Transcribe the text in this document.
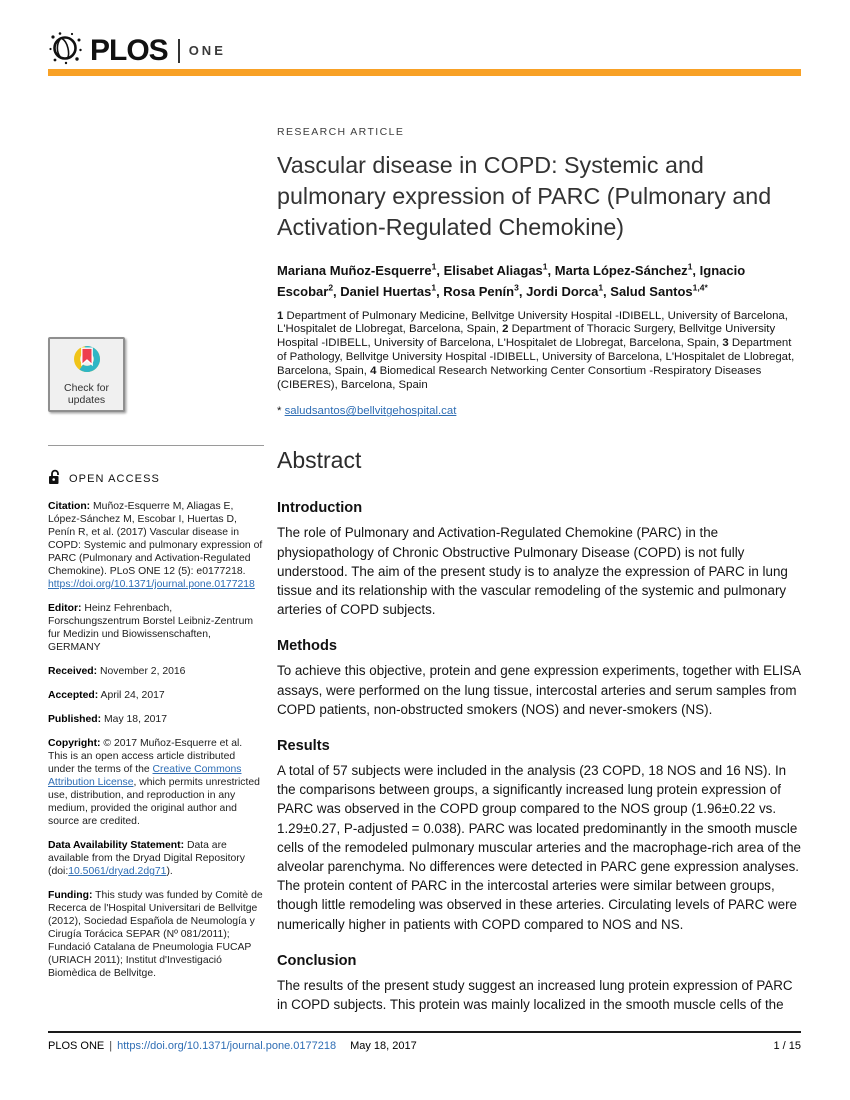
PLOS ONE
Check for updates
OPEN ACCESS

Citation: Muñoz-Esquerre M, Aliagas E, López-Sánchez M, Escobar I, Huertas D, Penín R, et al. (2017) Vascular disease in COPD: Systemic and pulmonary expression of PARC (Pulmonary and Activation-Regulated Chemokine). PLoS ONE 12 (5): e0177218. https://doi.org/10.1371/journal.pone.0177218

Editor: Heinz Fehrenbach, Forschungszentrum Borstel Leibniz-Zentrum fur Medizin und Biowissenschaften, GERMANY

Received: November 2, 2016

Accepted: April 24, 2017

Published: May 18, 2017

Copyright: © 2017 Muñoz-Esquerre et al. This is an open access article distributed under the terms of the Creative Commons Attribution License, which permits unrestricted use, distribution, and reproduction in any medium, provided the original author and source are credited.

Data Availability Statement: Data are available from the Dryad Digital Repository (doi:10.5061/dryad.2dg71).

Funding: This study was funded by Comitè de Recerca de l'Hospital Universitari de Bellvitge (2012), Sociedad Española de Neumología y Cirugía Torácica SEPAR (Nº 081/2011); Fundació Catalana de Pneumologia FUCAP (URIACH 2011); Institut d'Investigació Biomèdica de Bellvitge.

RESEARCH ARTICLE
Vascular disease in COPD: Systemic and pulmonary expression of PARC (Pulmonary and Activation-Regulated Chemokine)

Mariana Muñoz-Esquerre$^1$, Elisabet Aliagas$^1$, Marta López-Sánchez$^1$, Ignacio Escobar$^2$, Daniel Huertas$^1$, Rosa Penín$^3$, Jordi Dorca$^1$, Salud Santos$^{1,4*}$

1 Department of Pulmonary Medicine, Bellvitge University Hospital -IDIBELL, University of Barcelona, L'Hospitalet de Llobregat, Barcelona, Spain, 2 Department of Thoracic Surgery, Bellvitge University Hospital -IDIBELL, University of Barcelona, L'Hospitalet de Llobregat, Barcelona, Spain, 3 Department of Pathology, Bellvitge University Hospital -IDIBELL, University of Barcelona, L'Hospitalet de Llobregat, Barcelona, Spain, 4 Biomedical Research Networking Center Consortium -Respiratory Diseases (CIBERES), Barcelona, Spain

* saludsantos@bellvitgehospital.cat

Abstract
Introduction

The role of Pulmonary and Activation-Regulated Chemokine (PARC) in the physiopathology of Chronic Obstructive Pulmonary Disease (COPD) is not fully understood. The aim of the present study is to analyze the expression of PARC in lung tissue and its relationship with the vascular remodeling of the systemic and pulmonary arteries of COPD subjects.

Methods

To achieve this objective, protein and gene expression experiments, together with ELISA assays, were performed on the lung tissue, intercostal arteries and serum samples from COPD patients, non-obstructed smokers (NOS) and never-smokers (NS).

Results

A total of 57 subjects were included in the analysis (23 COPD, 18 NOS and 16 NS). In the comparisons between groups, a significantly increased lung protein expression of PARC was observed in the COPD group compared to the NOS group (1.96±0.22 vs. 1.29±0.27, P-adjusted = 0.038). PARC was located predominantly in the smooth muscle cells of the remodeled pulmonary muscular arteries and the macrophage-rich area of the alveolar parenchyma. No differences were detected in PARC gene expression analyses. The protein content of PARC in the intercostal arteries were similar between groups, though little remodeling was observed in these arteries. Circulating levels of PARC were numerically higher in patients with COPD compared to NOS and NS.

Conclusion

The results of the present study suggest an increased lung protein expression of PARC in COPD subjects. This protein was mainly localized in the smooth muscle cells of the

PLOS ONE | https://doi.org/10.1371/journal.pone.0177218 May 18, 2017	1 / 15
